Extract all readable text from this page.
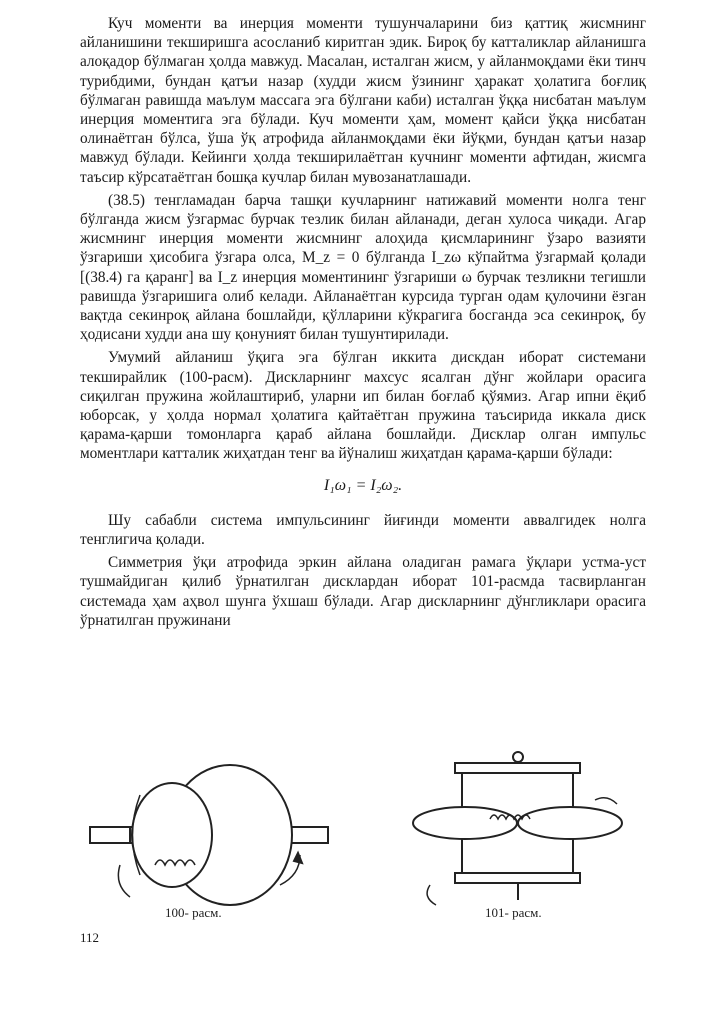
Куч моменти ва инерция моменти тушунчаларини биз қаттиқ жисмнинг айланишини текширишга асосланиб киритган эдик. Бироқ бу катталиклар айланишга алоқадор бўлмаган ҳолда мавжуд. Масалан, исталган жисм, у айланмоқдами ёки тинч турибдими, бундан қатъи назар (худди жисм ўзининг ҳаракат ҳолатига боғлиқ бўлмаган равишда маълум массага эга бўлгани каби) исталган ўққа нисбатан маълум инерция моментига эга бўлади. Куч моменти ҳам, момент қайси ўққа нисбатан олинаётган бўлса, ўша ўқ атрофида айланмоқдами ёки йўқми, бундан қатъи назар мавжуд бўлади. Кейинги ҳолда текширилаётган кучнинг моменти афтидан, жисмга таъсир кўрсатаётган бошқа кучлар билан мувозанатлашади.

(38.5) тенгламадан барча ташқи кучларнинг натижавий моменти нолга тенг бўлганда жисм ўзгармас бурчак тезлик билан айланади, деган хулоса чиқади. Агар жисмнинг инерция моменти жисмнинг алоҳида қисмларининг ўзаро вазияти ўзгариши ҳисобига ўзгара олса, M_z = 0 бўлганда I_zω кўпайтма ўзгармай қолади [(38.4) га қаранг] ва I_z инерция моментининг ўзгариши ω бурчак тезликни тегишли равишда ўзгаришига олиб келади. Айланаётган курсида турган одам қулочини ёзган вақтда секинроқ айлана бошлайди, қўлларини кўкрагига босганда эса секинроқ, бу ҳодисани худди ана шу қонуният билан тушунтирилади.

Умумий айланиш ўқига эга бўлган иккита дискдан иборат системани текширайлик (100-расм). Дискларнинг махсус ясалган дўнг жойлари орасига сиқилган пружина жойлаштириб, уларни ип билан боғлаб қўямиз. Агар ипни ёқиб юборсак, у ҳолда нормал ҳолатига қайтаётган пружина таъсирида иккала диск қарама-қарши томонларга қараб айлана бошлайди. Дисклар олган импульс моментлари катталик жиҳатдан тенг ва йўналиш жиҳатдан қарама-қарши бўлади:

I₁ω₁ = I₂ω₂.

Шу сабабли система импульсининг йиғинди моменти аввалгидек нолга тенглигича қолади.

Симметрия ўқи атрофида эркин айлана оладиган рамага ўқлари устма-уст тушмайдиган қилиб ўрнатилган дисклардан иборат 101-расмда тасвирланган системада ҳам аҳвол шунга ўхшаш бўлади. Агар дискларнинг дўнгликлари орасига ўрнатилган пружинани

100- расм.	101- расм.
112
